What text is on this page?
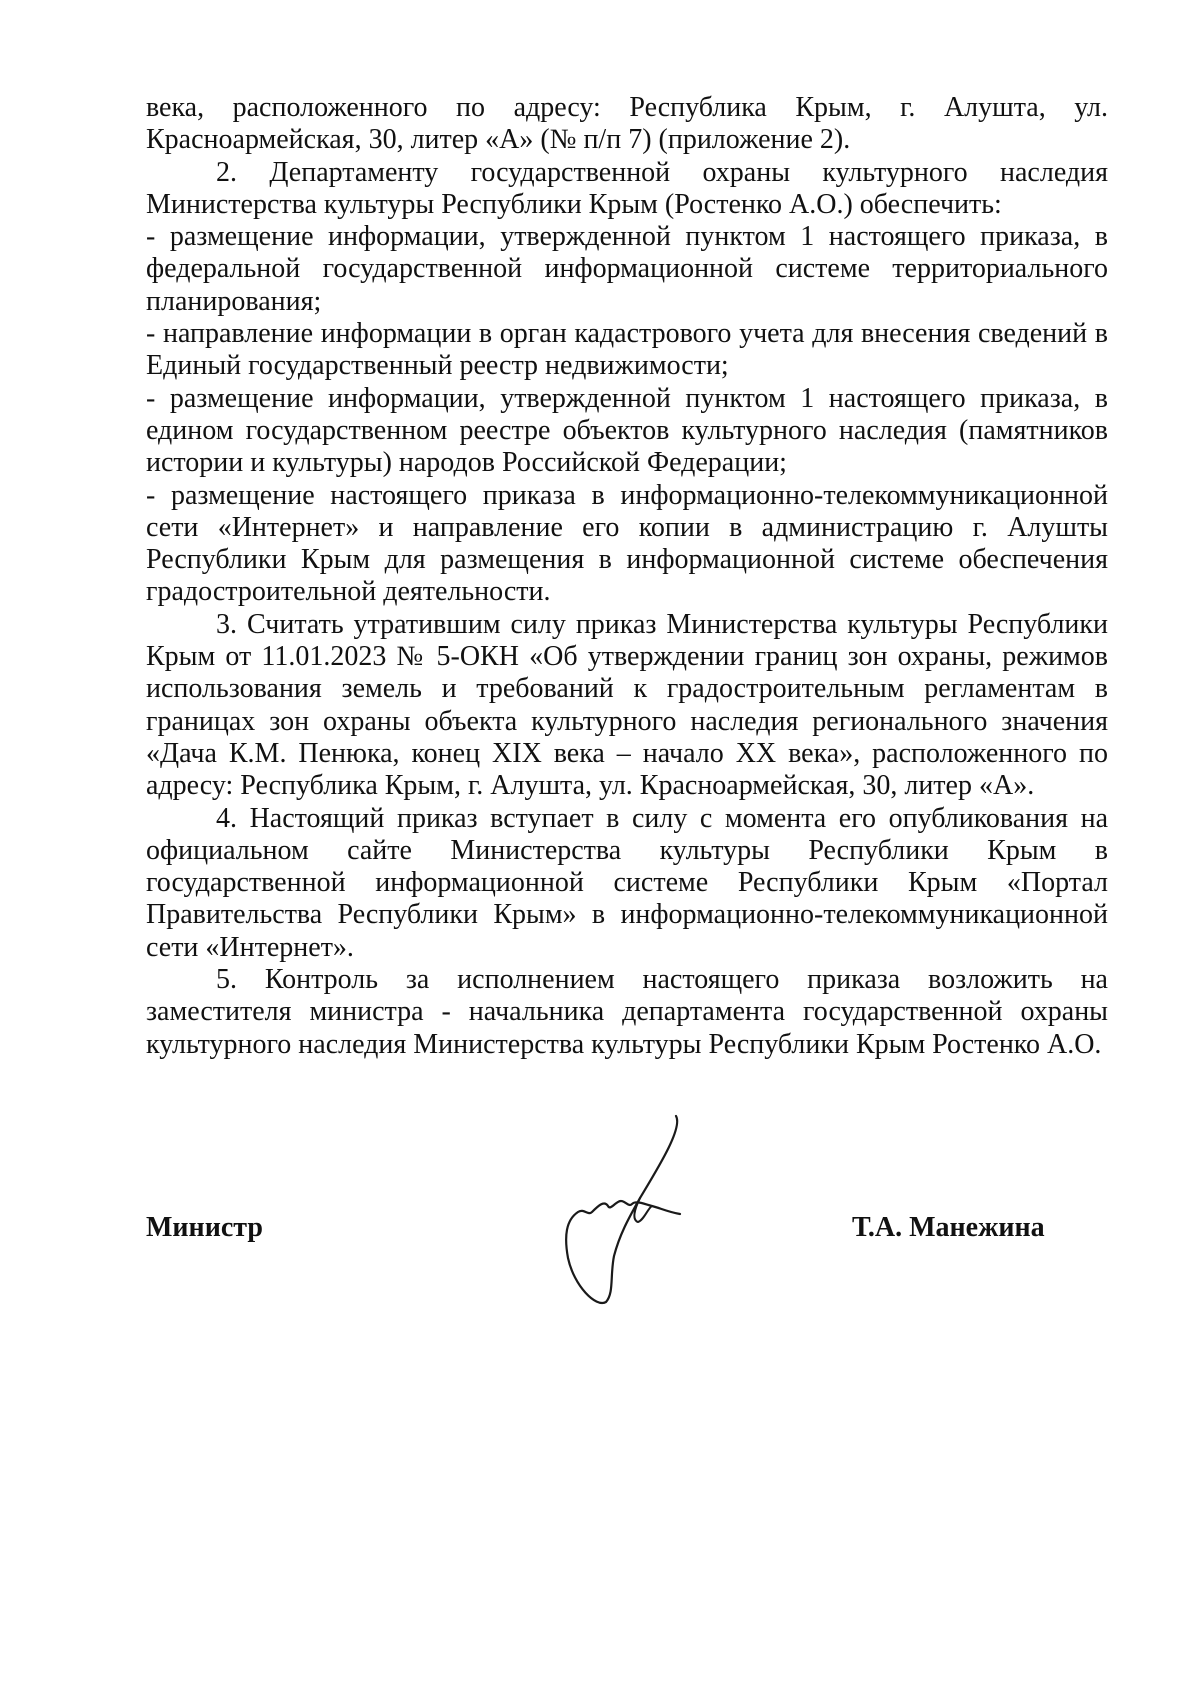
века, расположенного по адресу: Республика Крым, г. Алушта, ул. Красноармейская, 30, литер «А» (№ п/п 7) (приложение 2).

2. Департаменту государственной охраны культурного наследия Министерства культуры Республики Крым (Ростенко А.О.) обеспечить:

- размещение информации, утвержденной пунктом 1 настоящего приказа, в федеральной государственной информационной системе территориального планирования;

- направление информации в орган кадастрового учета для внесения сведений в Единый государственный реестр недвижимости;

- размещение информации, утвержденной пунктом 1 настоящего приказа, в едином государственном реестре объектов культурного наследия (памятников истории и культуры) народов Российской Федерации;

- размещение настоящего приказа в информационно-телекоммуникационной сети «Интернет» и направление его копии в администрацию г. Алушты Республики Крым для размещения в информационной системе обеспечения градостроительной деятельности.

3. Считать утратившим силу приказ Министерства культуры Республики Крым от 11.01.2023 № 5-ОКН «Об утверждении границ зон охраны, режимов использования земель и требований к градостроительным регламентам в границах зон охраны объекта культурного наследия регионального значения «Дача К.М. Пенюка, конец XIX века – начало XX века», расположенного по адресу: Республика Крым, г. Алушта, ул. Красноармейская, 30, литер «А».

4. Настоящий приказ вступает в силу с момента его опубликования на официальном сайте Министерства культуры Республики Крым в государственной информационной системе Республики Крым «Портал Правительства Республики Крым» в информационно-телекоммуникационной сети «Интернет».

5. Контроль за исполнением настоящего приказа возложить на заместителя министра - начальника департамента государственной охраны культурного наследия Министерства культуры Республики Крым Ростенко А.О.

Министр	Т.А. Манежина
